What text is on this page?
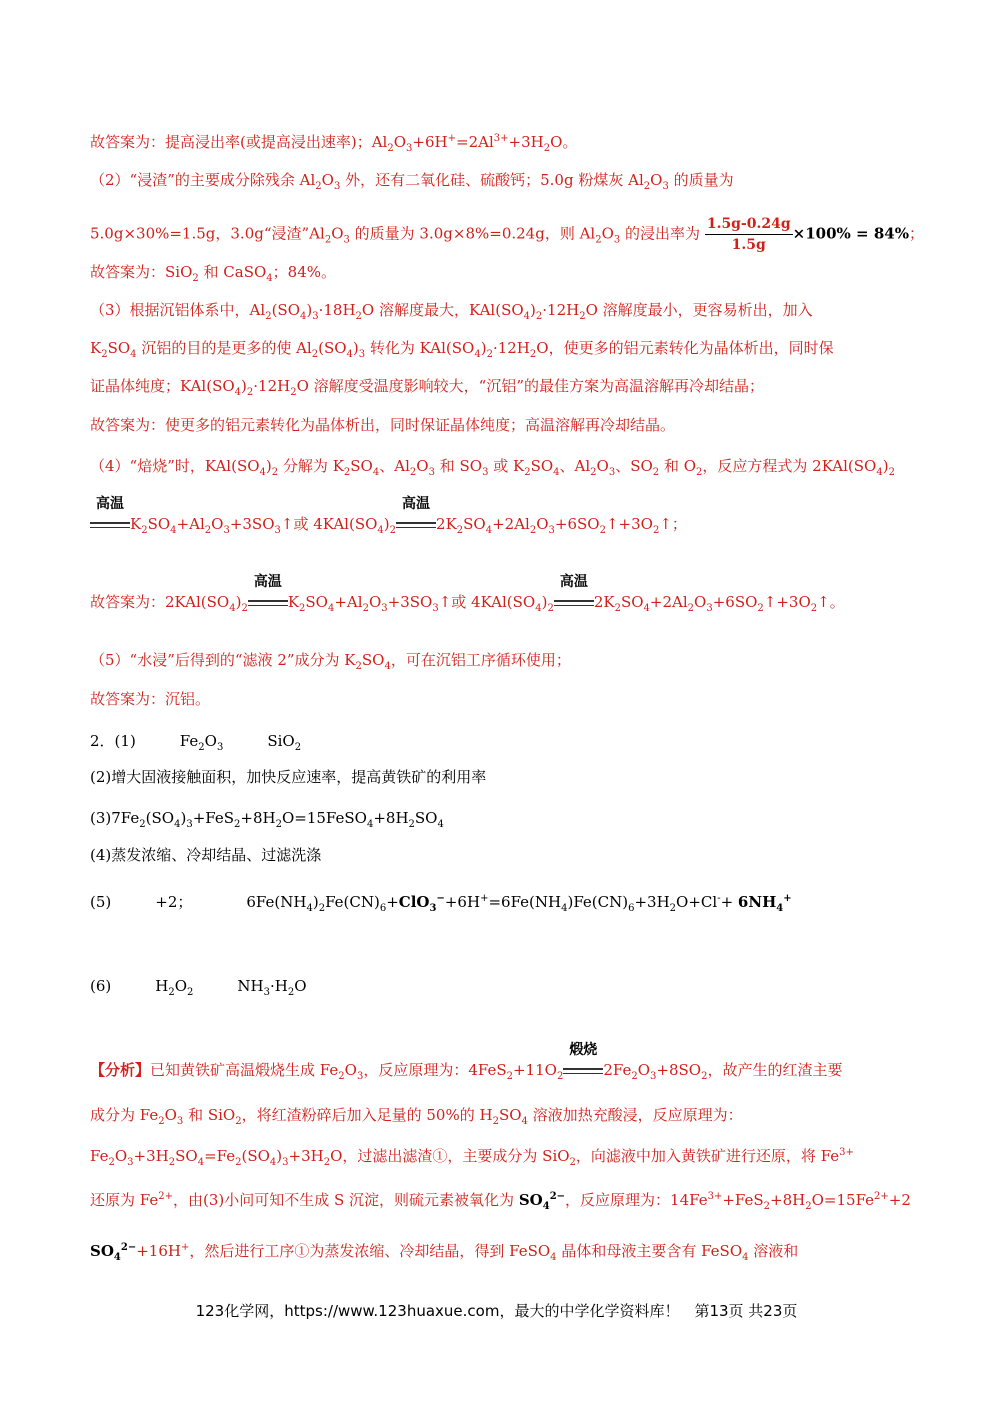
故答案为：提高浸出率(或提高浸出速率)；$Al_2O_3+6H^+=2Al^{3+}+3H_2O$。
（2）“浸渣”的主要成分除残余 $Al_2O_3$ 外，还有二氧化硅、硫酸钙；5.0g 粉煤灰 $Al_2O_3$ 的质量为
5.0g×30%=1.5g，3.0g“浸渣$”Al_2O_3$ 的质量为 3.0g×8%=0.24g，则 $Al_2O_3$ 的浸出率为 $\frac{1.5g-0.24g}{1.5g} \times 100\% = 84\%$；
故答案为：SiO$_2$ 和 CaSO$_4$；84%。
（3）根据沉铝体系中，$Al_2(SO_4)_3\cdot 18H_2O$ 溶解度最大，$KAl(SO_4)_2\cdot 12H_2O$ 溶解度最小，更容易析出，加入
$K_2SO_4$ 沉铝的目的是更多的使 $Al_2(SO_4)_3$ 转化为 $KAl(SO_4)_2\cdot 12H_2O$，使更多的铝元素转化为晶体析出，同时保
证晶体纯度；$KAl(SO_4)_2\cdot 12H_2O$ 溶解度受温度影响较大，“沉铝”的最佳方案为高温溶解再冷却结晶；
故答案为：使更多的铝元素转化为晶体析出，同时保证晶体纯度；高温溶解再冷却结晶。
（4）“焙烧”时，$KAl(SO_4)_2$ 分解为 $K_2SO_4$、$Al_2O_3$ 和 $SO_3$ 或 $K_2SO_4$、$Al_2O_3$、$SO_2$ 和 $O_2$，反应方程式为 $2KAl(SO_4)_2$
高温
$K_2SO_4+Al_2O_3+3SO_3↑$或 $4KAl(SO_4)_2$
高温
$2K_2SO_4+2Al_2O_3+6SO_2↑+3O_2↑$；
故答案为：$2KAl(SO_4)_2$
高温
$K_2SO_4+Al_2O_3+3SO_3↑$或 $4KAl(SO_4)_2$
高温
$2K_2SO_4+2Al_2O_3+6SO_2↑+3O_2↑$。
（5）“水浸”后得到的“滤液 2”成分为 $K_2SO_4$，可在沉铝工序循环使用；
故答案为：沉铝。
2．(1)	$Fe_2O_3$	SiO$_2$
(2)增大固液接触面积，加快反应速率，提高黄铁矿的利用率
$(3)7Fe_2(SO_4)_3+FeS_2+8H_2O=15FeSO_4+8H_2SO_4$
(4)蒸发浓缩、冷却结晶、过滤洗涤
(5)	+2；	$6Fe(NH_4)_2Fe(CN)_6+ClO_3^-+6H^+=6Fe(NH_4)Fe(CN)_6+3H_2O+Cl^-+ 6NH_4^+$
(6)	$H_2O_2$	$NH_3\cdot H_2O$
【分析】已知黄铁矿高温煅烧生成 $Fe_2O_3$，反应原理为：$4FeS_2+11O_2$
煅烧
$2Fe_2O_3+8SO_2$，故产生的红渣主要
成分为 $Fe_2O_3$ 和 SiO$_2$，将红渣粉碎后加入足量的 50%的 $H_2SO_4$ 溶液加热充酸浸，反应原理为：
$Fe_2O_3+3H_2SO_4=Fe_2(SO_4)_3+3H_2O$，过滤出滤渣①，主要成分为 SiO$_2$，向滤液中加入黄铁矿进行还原，将 $Fe^{3+}$
还原为 $Fe^{2+}$，由(3)小问可知不生成 S 沉淀，则硫元素被氧化为 $SO_4^{2-}$，反应原理为：$14Fe^{3+}+FeS_2+8H_2O=15Fe^{2+}+2$
$SO_4^{2-}+16H^+$，然后进行工序①为蒸发浓缩、冷却结晶，得到 FeSO$_4$ 晶体和母液主要含有 FeSO$_4$ 溶液和
123化学网，https://www.123huaxue.com，最大的中学化学资料库！　第13页 共23页
